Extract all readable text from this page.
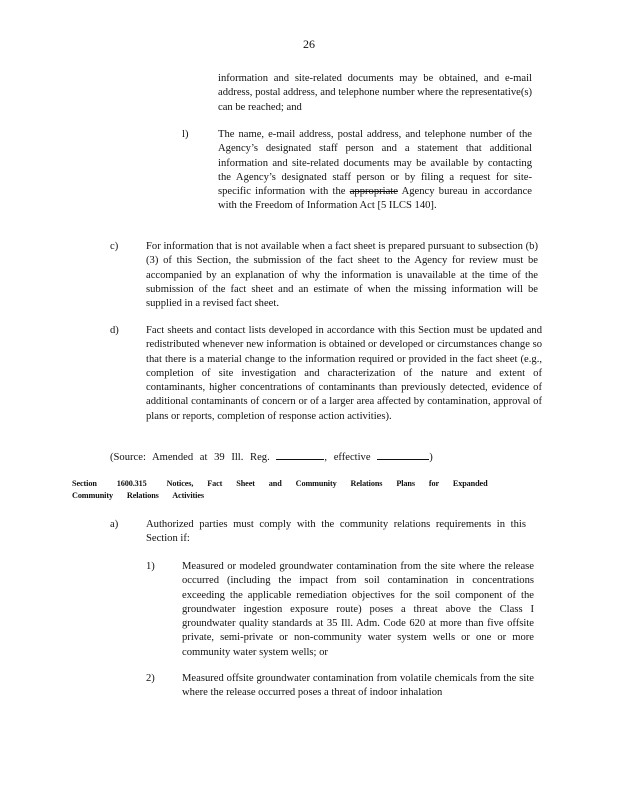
26
information and site-related documents may be obtained, and e-mail address, postal address, and telephone number where the representative(s) can be reached; and
l)	The name, e-mail address, postal address, and telephone number of the Agency’s designated staff person and a statement that additional information and site-related documents may be available by contacting the Agency’s designated staff person or by filing a request for site-specific information with the appropriate Agency bureau in accordance with the Freedom of Information Act [5 ILCS 140].
c)	For information that is not available when a fact sheet is prepared pursuant to subsection (b)(3) of this Section, the submission of the fact sheet to the Agency for review must be accompanied by an explanation of why the information is unavailable at the time of the submission of the fact sheet and an estimate of when the missing information will be supplied in a revised fact sheet.
d)	Fact sheets and contact lists developed in accordance with this Section must be updated and redistributed whenever new information is obtained or developed or circumstances change so that there is a material change to the information required or provided in the fact sheet (e.g., completion of site investigation and characterization of the nature and extent of contaminants, higher concentrations of contaminants than previously detected, evidence of additional contaminants of concern or of a larger area affected by contamination, approval of plans or reports, completion of response action activities).
(Source: Amended at 39 Ill. Reg.	, effective	)
Section 1600.315 Notices, Fact Sheet and Community Relations Plans for Expanded Community Relations Activities
a)	Authorized parties must comply with the community relations requirements in this Section if:
1)	Measured or modeled groundwater contamination from the site where the release occurred (including the impact from soil contamination in concentrations exceeding the applicable remediation objectives for the soil component of the groundwater ingestion exposure route) poses a threat above the Class I groundwater quality standards at 35 Ill. Adm. Code 620 at more than five offsite private, semi-private or non-community water system wells or one or more community water system wells; or
2)	Measured offsite groundwater contamination from volatile chemicals from the site where the release occurred poses a threat of indoor inhalation
